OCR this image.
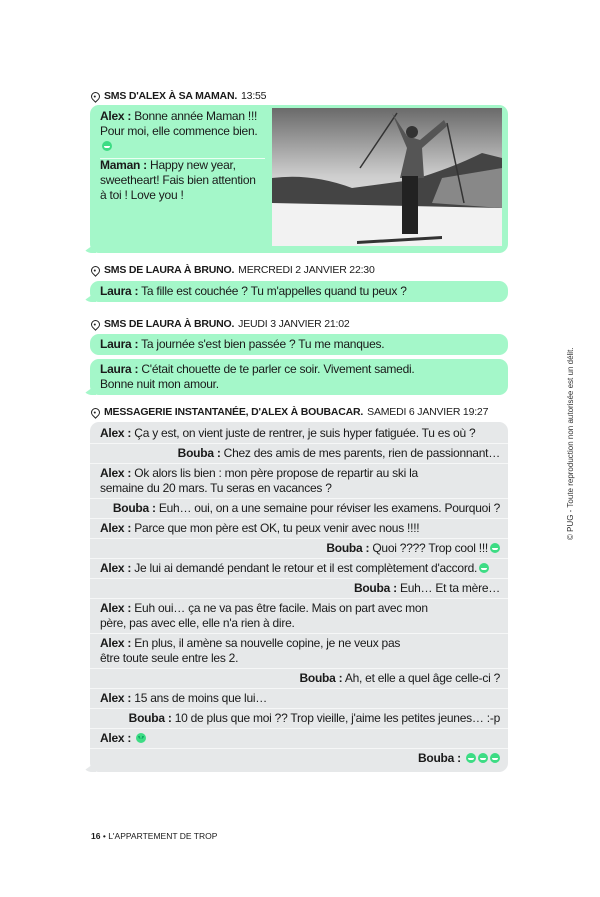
SMS D'ALEX À SA MAMAN. 13:55
Alex : Bonne année Maman !!! Pour moi, elle commence bien.
Maman : Happy new year, sweetheart! Fais bien attention à toi ! Love you !
SMS DE LAURA À BRUNO. MERCREDI 2 JANVIER 22:30
Laura : Ta fille est couchée ? Tu m'appelles quand tu peux ?
SMS DE LAURA À BRUNO. JEUDI 3 JANVIER 21:02
Laura : Ta journée s'est bien passée ? Tu me manques.
Laura : C'était chouette de te parler ce soir. Vivement samedi. Bonne nuit mon amour.
MESSAGERIE INSTANTANÉE, D'ALEX À BOUBACAR. SAMEDI 6 JANVIER 19:27
Alex : Ça y est, on vient juste de rentrer, je suis hyper fatiguée. Tu es où ?
Bouba : Chez des amis de mes parents, rien de passionnant…
Alex : Ok alors lis bien : mon père propose de repartir au ski la semaine du 20 mars. Tu seras en vacances ?
Bouba : Euh… oui, on a une semaine pour réviser les examens. Pourquoi ?
Alex : Parce que mon père est OK, tu peux venir avec nous !!!!
Bouba : Quoi ???? Trop cool !!!
Alex : Je lui ai demandé pendant le retour et il est complètement d'accord.
Bouba : Euh… Et ta mère…
Alex : Euh oui… ça ne va pas être facile. Mais on part avec mon père, pas avec elle, elle n'a rien à dire.
Alex : En plus, il amène sa nouvelle copine, je ne veux pas être toute seule entre les 2.
Bouba : Ah, et elle a quel âge celle-ci ?
Alex : 15 ans de moins que lui…
Bouba : 10 de plus que moi ?? Trop vieille, j'aime les petites jeunes… :-p
Alex :
Bouba :
© PUG - Toute reproduction non autorisée est un délit.
16 • L'APPARTEMENT DE TROP
